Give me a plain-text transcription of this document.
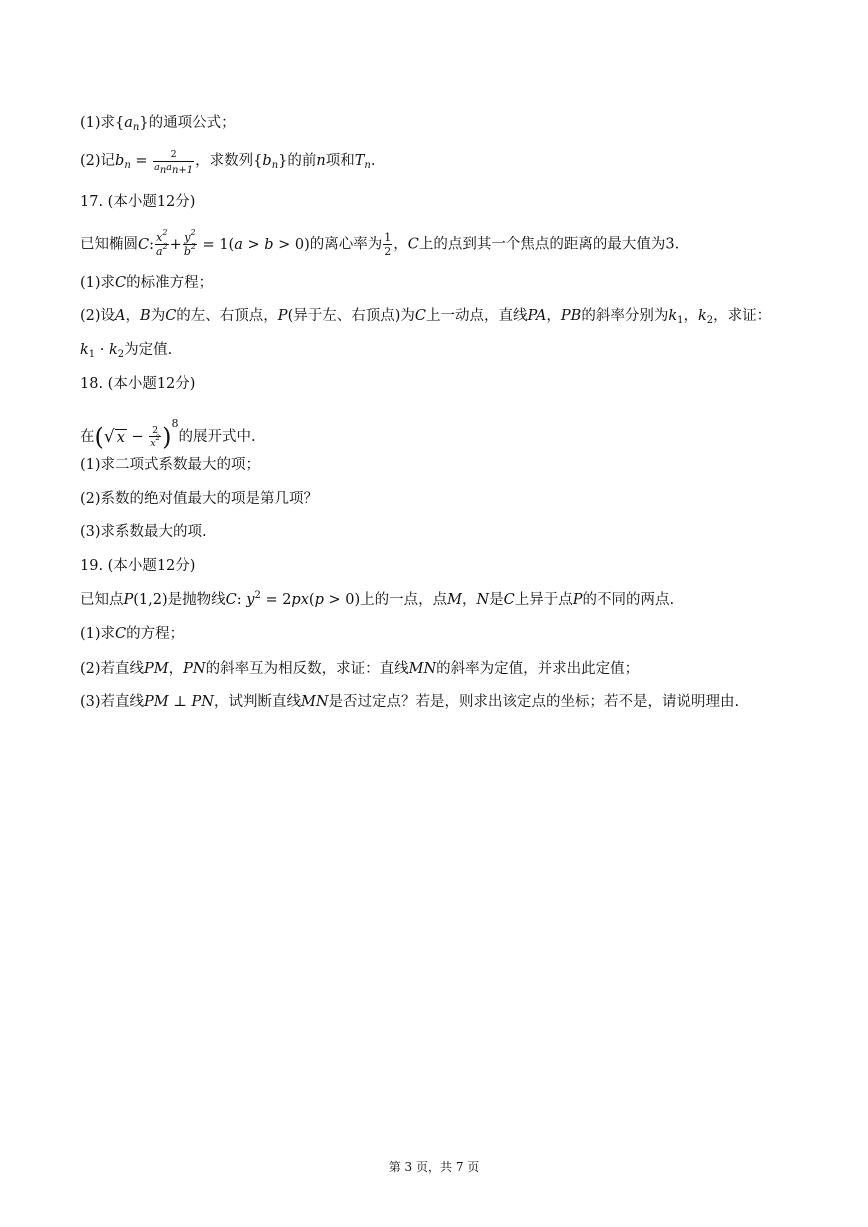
(1)求$\{a_n\}$的通项公式；
(2)记$b_n = \frac{2}{a_na_{n+1}}$ ，求数列$\{b_n\}$的前n项和$T_n$.
17. (本小题12分)
已知椭圆C: $\frac{x^2}{a^2} + \frac{y^2}{b^2} = 1(a > b > 0)$的离心率为 $\frac{1}{2}$ ，C上的点到其一个焦点的距离的最大值为3.
(1)求C的标准方程；
(2)设A，B为C的左、右顶点，P(异于左、右顶点)为C上一动点，直线PA，PB的斜率分别为$k_1$，$k_2$，求证：
$k_1 \cdot k_2$为定值.
18. (本小题12分)
在(√ $x - \frac{2}{x^2} )^8$的展开式中.
(1)求二项式系数最大的项；
(2)系数的绝对值最大的项是第几项？
(3)求系数最大的项.
19. (本小题12分)
已知点P(1,2)是抛物线C: $y^2 = 2px(p > 0)$上的一点，点M，N是C上异于点P的不同的两点.
(1)求C的方程；
(2)若直线PM，PN的斜率互为相反数，求证：直线MN的斜率为定值，并求出此定值；
(3)若直线PM ⊥ PN，试判断直线MN是否过定点？若是，则求出该定点的坐标；若不是，请说明理由.
第 3 页，共 7 页
